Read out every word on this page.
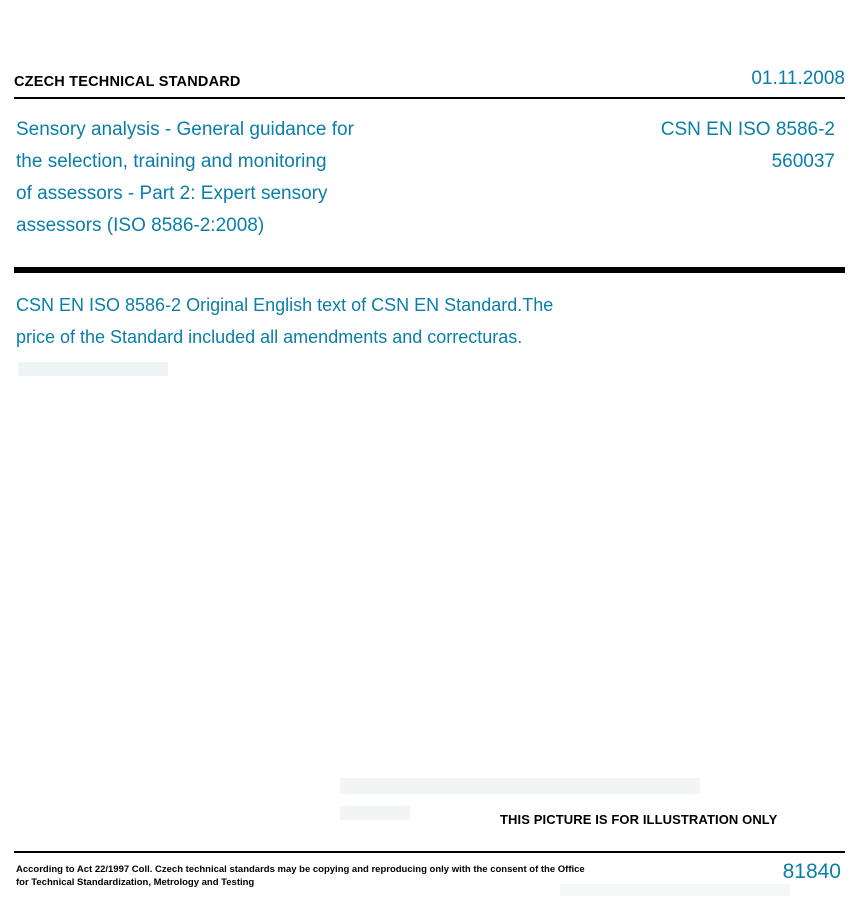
CZECH TECHNICAL STANDARD	01.11.2008
Sensory analysis - General guidance for
the selection, training and monitoring
of assessors - Part 2: Expert sensory
assessors (ISO 8586-2:2008)
CSN EN ISO 8586-2
560037
CSN EN ISO 8586-2 Original English text of CSN EN Standard.The
price of the Standard included all amendments and correcturas.
THIS PICTURE IS FOR ILLUSTRATION ONLY
According to Act 22/1997 Coll. Czech technical standards may be copying and reproducing only with the consent of the Office
for Technical Standardization, Metrology and Testing	81840
